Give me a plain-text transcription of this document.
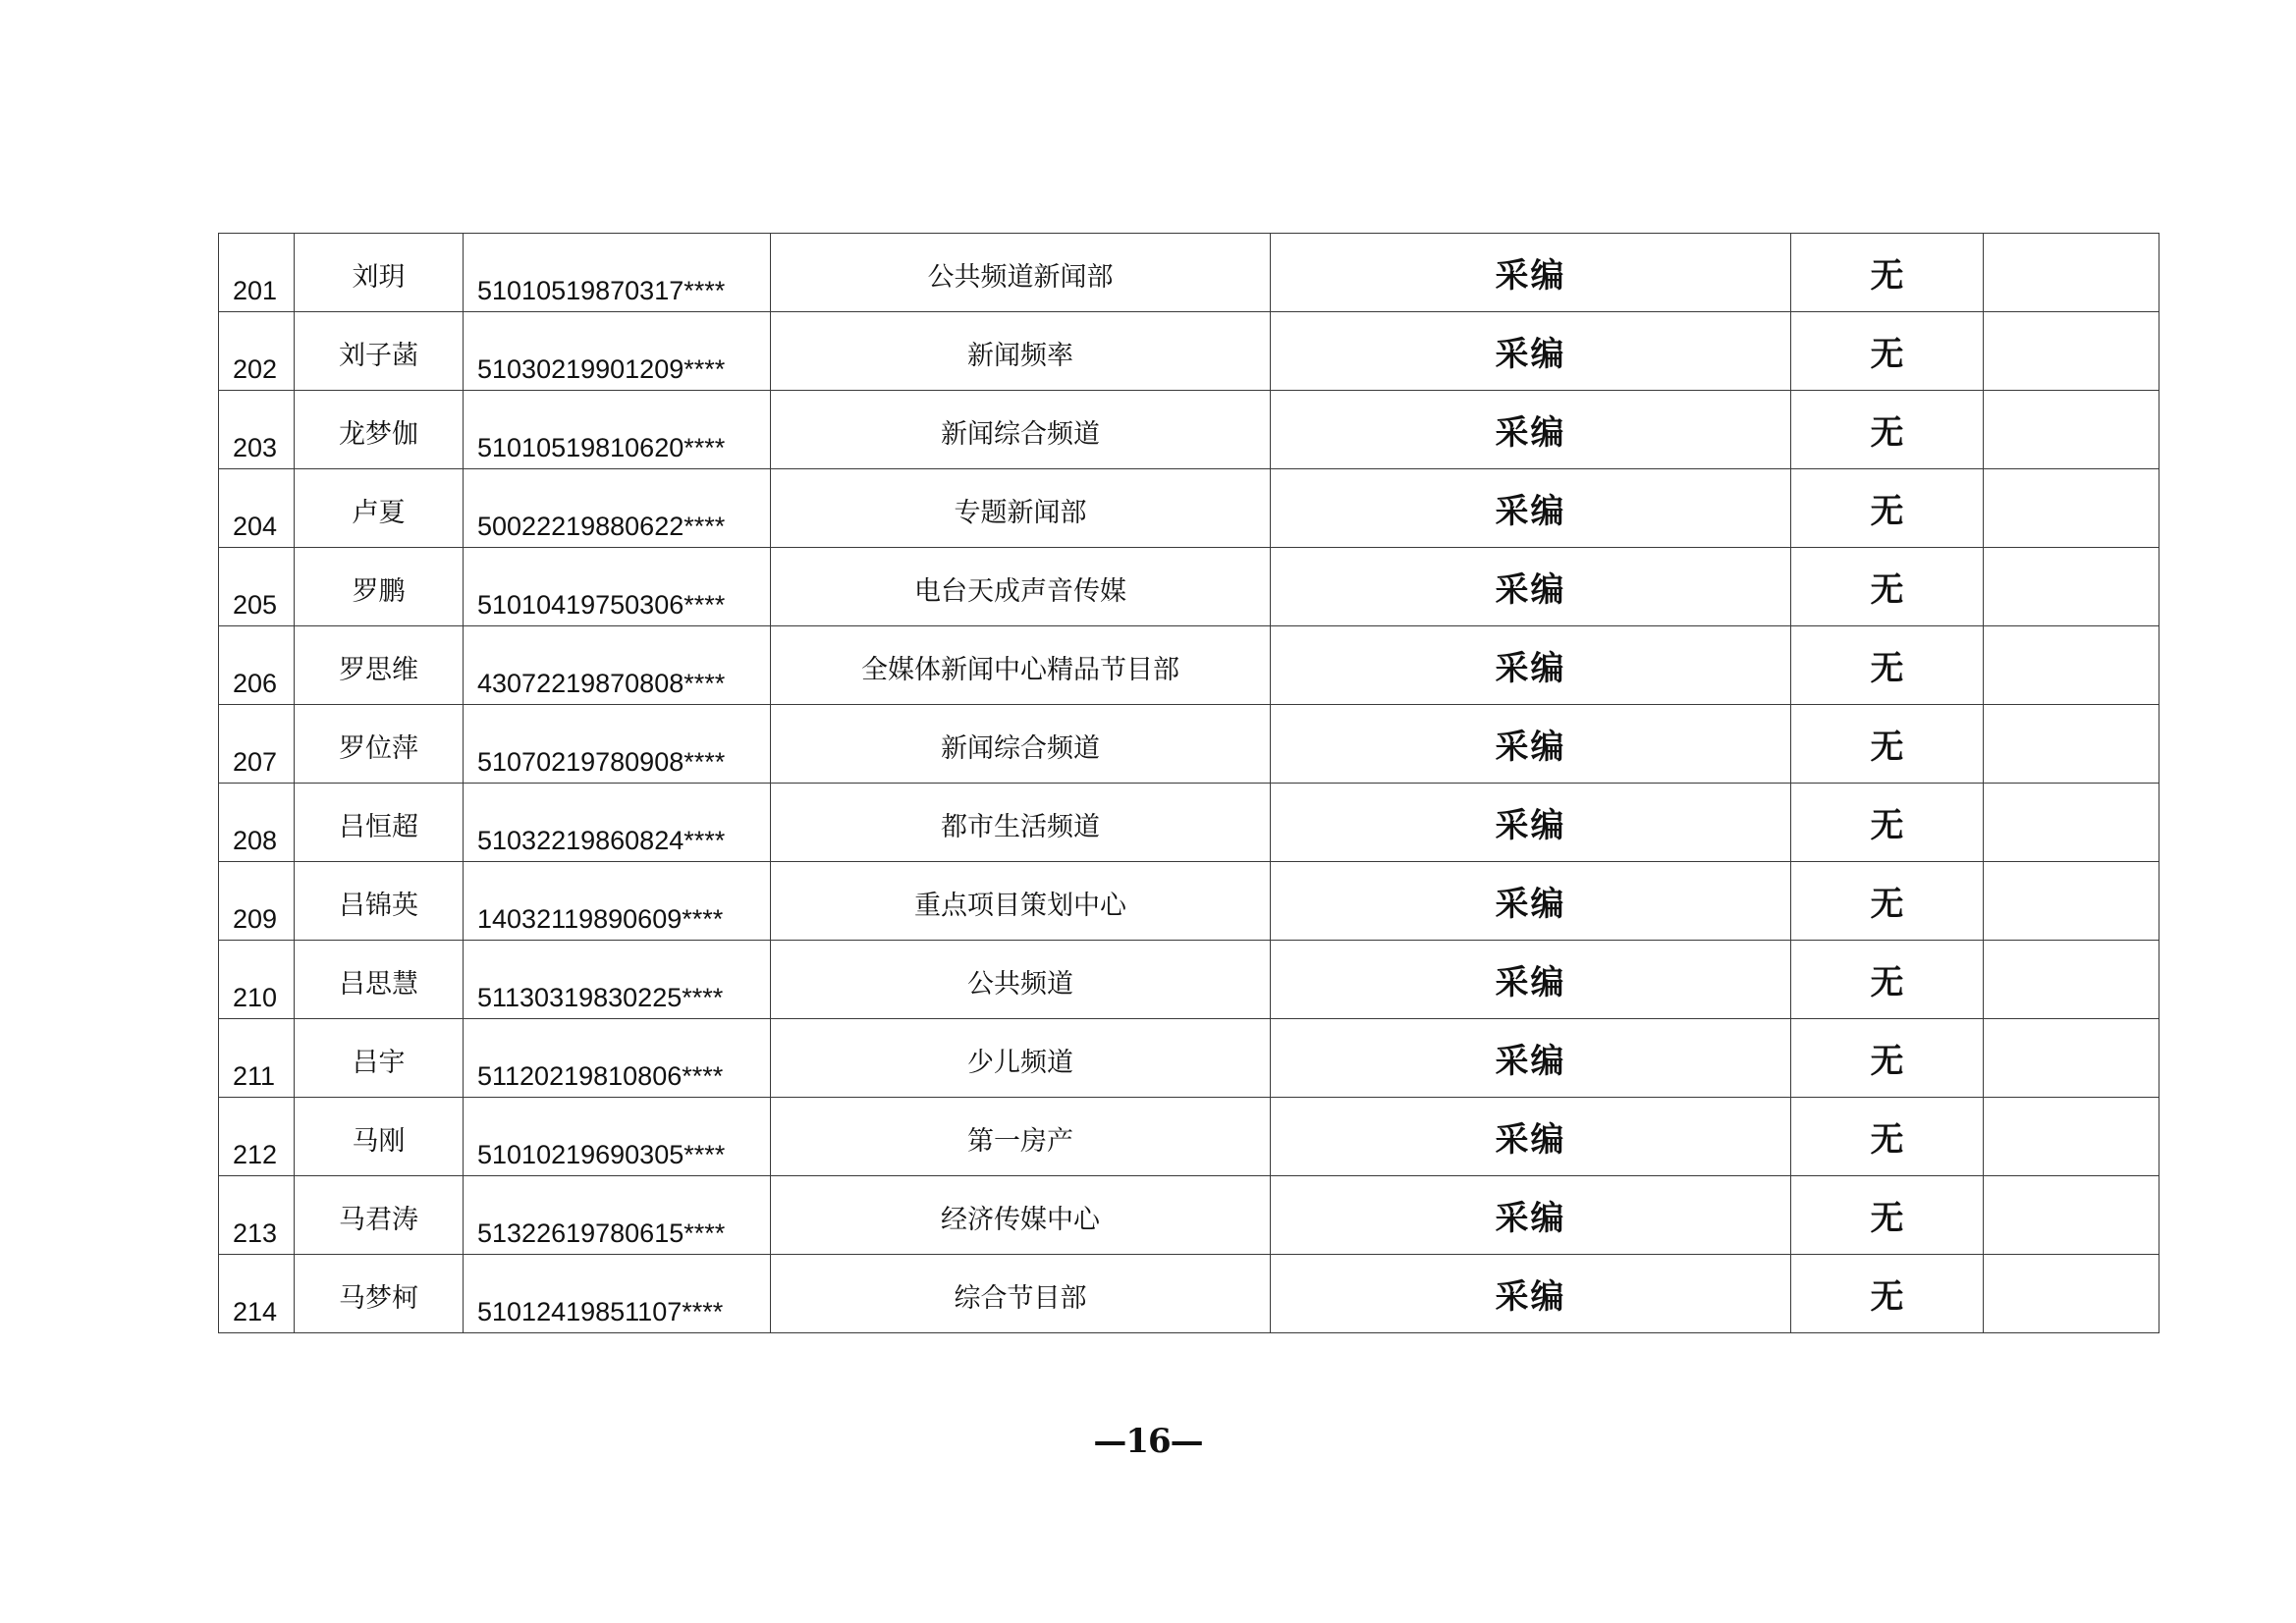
201	刘玥	51010519870317****	公共频道新闻部	采编	无	
202	刘子菡	51030219901209****	新闻频率	采编	无	
203	龙梦伽	51010519810620****	新闻综合频道	采编	无	
204	卢夏	50022219880622****	专题新闻部	采编	无	
205	罗鹏	51010419750306****	电台天成声音传媒	采编	无	
206	罗思维	43072219870808****	全媒体新闻中心精品节目部	采编	无	
207	罗位萍	51070219780908****	新闻综合频道	采编	无	
208	吕恒超	51032219860824****	都市生活频道	采编	无	
209	吕锦英	14032119890609****	重点项目策划中心	采编	无	
210	吕思慧	51130319830225****	公共频道	采编	无	
211	吕宇	51120219810806****	少儿频道	采编	无	
212	马刚	51010219690305****	第一房产	采编	无	
213	马君涛	51322619780615****	经济传媒中心	采编	无	
214	马梦柯	51012419851107****	综合节目部	采编	无	
—16—
